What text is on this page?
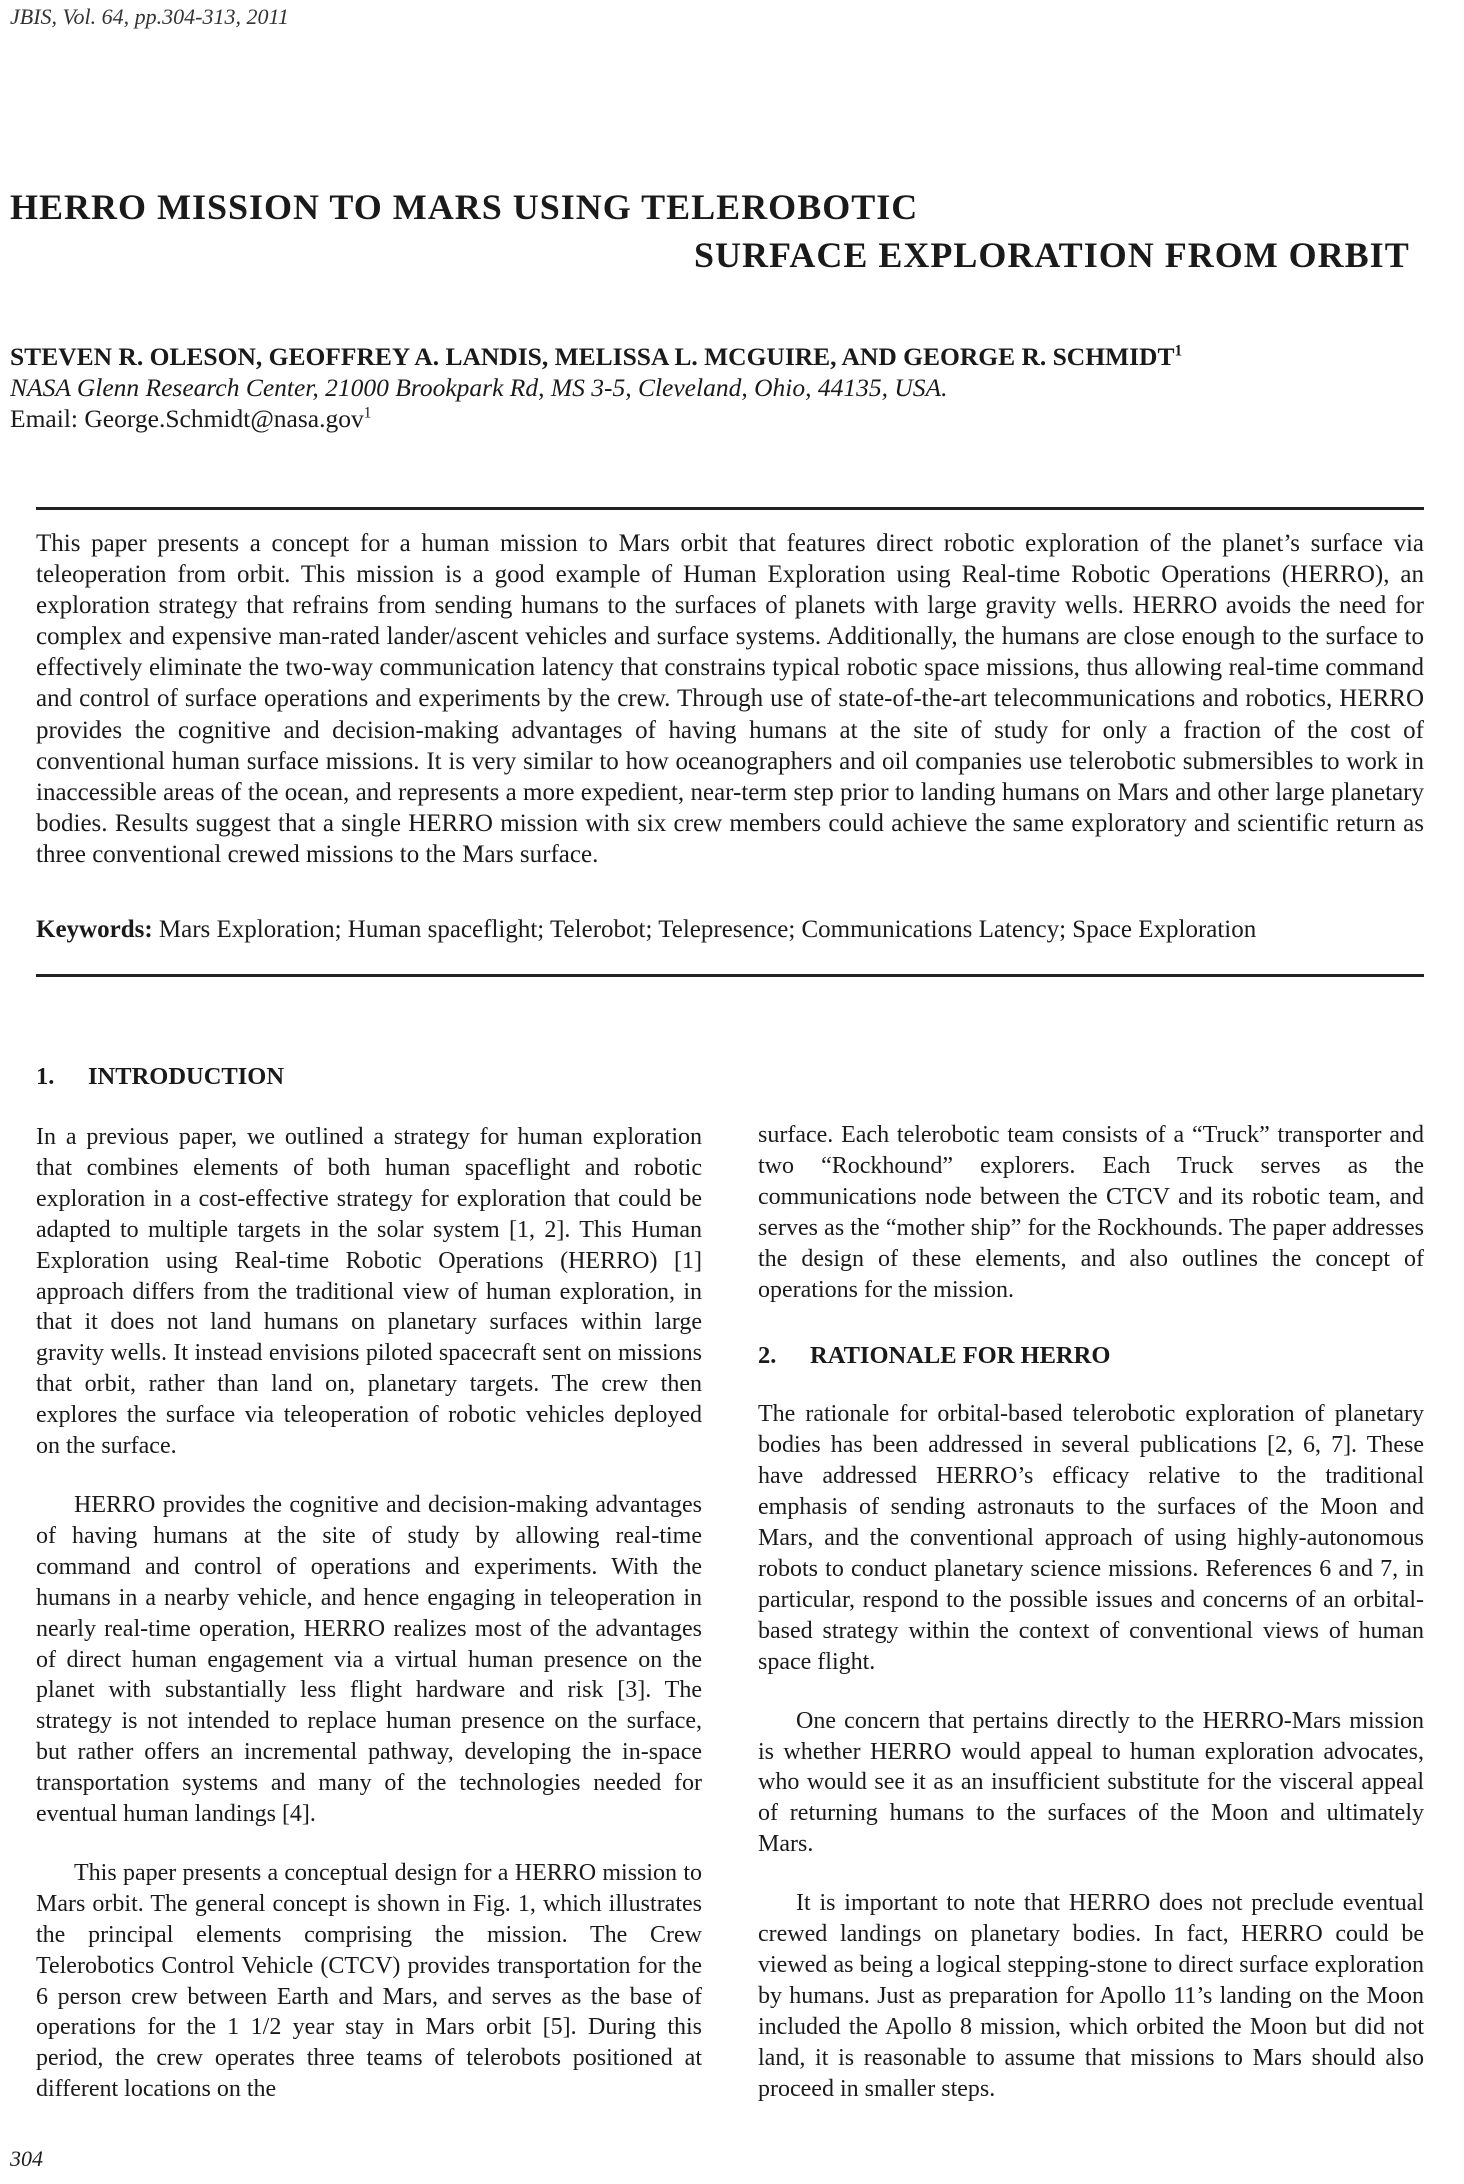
JBIS, Vol. 64, pp.304-313, 2011
HERRO MISSION TO MARS USING TELEROBOTIC
SURFACE EXPLORATION FROM ORBIT
STEVEN R. OLESON, GEOFFREY A. LANDIS, MELISSA L. MCGUIRE, AND GEORGE R. SCHMIDT$^1$
NASA Glenn Research Center, 21000 Brookpark Rd, MS 3-5, Cleveland, Ohio, 44135, USA.
Email: George.Schmidt@nasa.gov$^1$

This paper presents a concept for a human mission to Mars orbit that features direct robotic exploration of the planet’s surface via teleoperation from orbit. This mission is a good example of Human Exploration using Real-time Robotic Operations (HERRO), an exploration strategy that refrains from sending humans to the surfaces of planets with large gravity wells. HERRO avoids the need for complex and expensive man-rated lander/ascent vehicles and surface systems. Additionally, the humans are close enough to the surface to effectively eliminate the two-way communication latency that constrains typical robotic space missions, thus allowing real-time command and control of surface operations and experiments by the crew. Through use of state-of-the-art telecommunications and robotics, HERRO provides the cognitive and decision-making advantages of having humans at the site of study for only a fraction of the cost of conventional human surface missions. It is very similar to how oceanographers and oil companies use telerobotic submersibles to work in inaccessible areas of the ocean, and represents a more expedient, near-term step prior to landing humans on Mars and other large planetary bodies. Results suggest that a single HERRO mission with six crew members could achieve the same exploratory and scientific return as three conventional crewed missions to the Mars surface.

Keywords: Mars Exploration; Human spaceflight; Telerobot; Telepresence; Communications Latency; Space Exploration
1. INTRODUCTION

In a previous paper, we outlined a strategy for human exploration that combines elements of both human spaceflight and robotic exploration in a cost-effective strategy for exploration that could be adapted to multiple targets in the solar system [1, 2]. This Human Exploration using Real-time Robotic Operations (HERRO) [1] approach differs from the traditional view of human exploration, in that it does not land humans on planetary surfaces within large gravity wells. It instead envisions piloted spacecraft sent on missions that orbit, rather than land on, planetary targets. The crew then explores the surface via teleoperation of robotic vehicles deployed on the surface.

HERRO provides the cognitive and decision-making advantages of having humans at the site of study by allowing real-time command and control of operations and experiments. With the humans in a nearby vehicle, and hence engaging in teleoperation in nearly real-time operation, HERRO realizes most of the advantages of direct human engagement via a virtual human presence on the planet with substantially less flight hardware and risk [3]. The strategy is not intended to replace human presence on the surface, but rather offers an incremental pathway, developing the in-space transportation systems and many of the technologies needed for eventual human landings [4].

This paper presents a conceptual design for a HERRO mission to Mars orbit. The general concept is shown in Fig. 1, which illustrates the principal elements comprising the mission. The Crew Telerobotics Control Vehicle (CTCV) provides transportation for the 6 person crew between Earth and Mars, and serves as the base of operations for the 1 1/2 year stay in Mars orbit [5]. During this period, the crew operates three teams of telerobots positioned at different locations on the

surface. Each telerobotic team consists of a “Truck” transporter and two “Rockhound” explorers. Each Truck serves as the communications node between the CTCV and its robotic team, and serves as the “mother ship” for the Rockhounds. The paper addresses the design of these elements, and also outlines the concept of operations for the mission.

2. RATIONALE FOR HERRO

The rationale for orbital-based telerobotic exploration of planetary bodies has been addressed in several publications [2, 6, 7]. These have addressed HERRO’s efficacy relative to the traditional emphasis of sending astronauts to the surfaces of the Moon and Mars, and the conventional approach of using highly-autonomous robots to conduct planetary science missions. References 6 and 7, in particular, respond to the possible issues and concerns of an orbital-based strategy within the context of conventional views of human space flight.

One concern that pertains directly to the HERRO-Mars mission is whether HERRO would appeal to human exploration advocates, who would see it as an insufficient substitute for the visceral appeal of returning humans to the surfaces of the Moon and ultimately Mars.

It is important to note that HERRO does not preclude eventual crewed landings on planetary bodies. In fact, HERRO could be viewed as being a logical stepping-stone to direct surface exploration by humans. Just as preparation for Apollo 11’s landing on the Moon included the Apollo 8 mission, which orbited the Moon but did not land, it is reasonable to assume that missions to Mars should also proceed in smaller steps.

304
